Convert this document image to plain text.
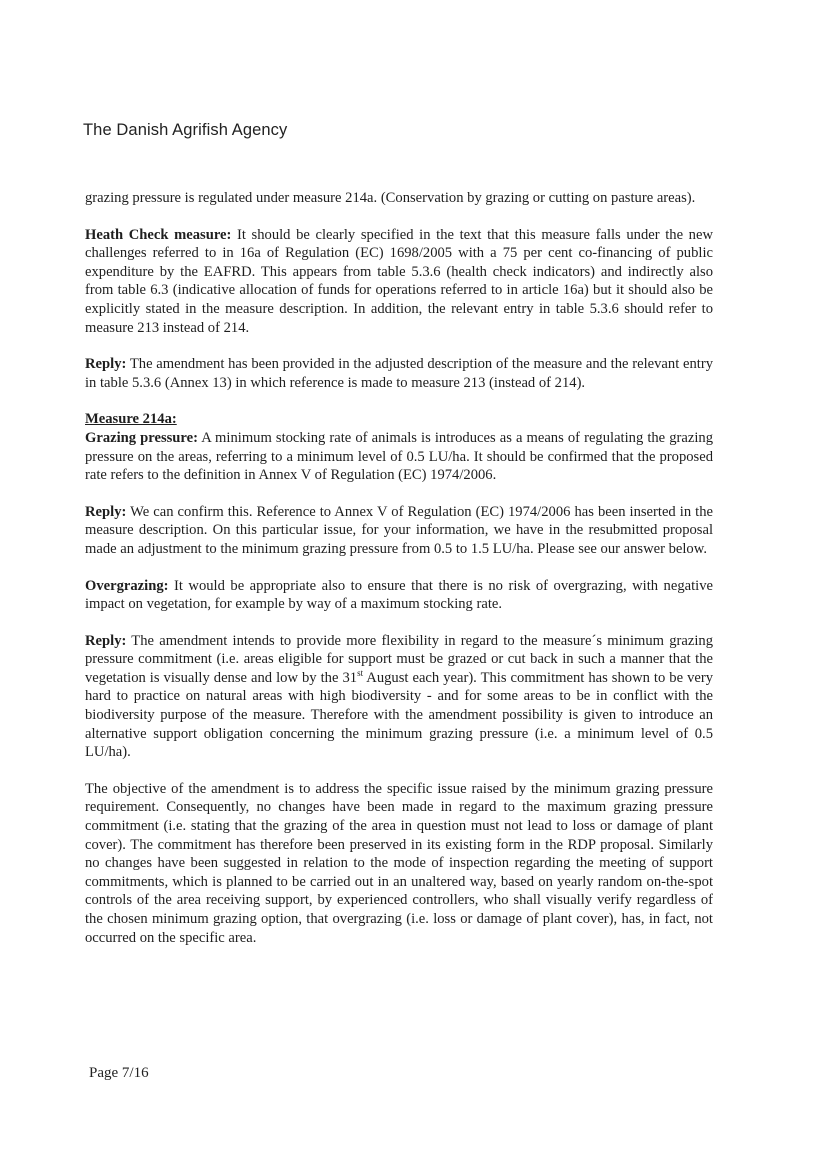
The Danish Agrifish Agency

grazing pressure is regulated under measure 214a. (Conservation by grazing or cutting on pasture areas).

Heath Check measure: It should be clearly specified in the text that this measure falls under the new challenges referred to in 16a of Regulation (EC) 1698/2005 with a 75 per cent co-financing of public expenditure by the EAFRD. This appears from table 5.3.6 (health check indicators) and indirectly also from table 6.3 (indicative allocation of funds for operations referred to in article 16a) but it should also be explicitly stated in the measure description. In addition, the relevant entry in table 5.3.6 should refer to measure 213 instead of 214.

Reply: The amendment has been provided in the adjusted description of the measure and the relevant entry in table 5.3.6 (Annex 13) in which reference is made to measure 213 (instead of 214).

Measure 214a:

Grazing pressure: A minimum stocking rate of animals is introduces as a means of regulating the grazing pressure on the areas, referring to a minimum level of 0.5 LU/ha. It should be confirmed that the proposed rate refers to the definition in Annex V of Regulation (EC) 1974/2006.

Reply: We can confirm this. Reference to Annex V of Regulation (EC) 1974/2006 has been inserted in the measure description. On this particular issue, for your information, we have in the resubmitted proposal made an adjustment to the minimum grazing pressure from 0.5 to 1.5 LU/ha. Please see our answer below.

Overgrazing: It would be appropriate also to ensure that there is no risk of overgrazing, with negative impact on vegetation, for example by way of a maximum stocking rate.

Reply: The amendment intends to provide more flexibility in regard to the measure´s minimum grazing pressure commitment (i.e. areas eligible for support must be grazed or cut back in such a manner that the vegetation is visually dense and low by the 31st August each year). This commitment has shown to be very hard to practice on natural areas with high biodiversity - and for some areas to be in conflict with the biodiversity purpose of the measure. Therefore with the amendment possibility is given to introduce an alternative support obligation concerning the minimum grazing pressure (i.e. a minimum level of 0.5 LU/ha).

The objective of the amendment is to address the specific issue raised by the minimum grazing pressure requirement. Consequently, no changes have been made in regard to the maximum grazing pressure commitment (i.e. stating that the grazing of the area in question must not lead to loss or damage of plant cover). The commitment has therefore been preserved in its existing form in the RDP proposal. Similarly no changes have been suggested in relation to the mode of inspection regarding the meeting of support commitments, which is planned to be carried out in an unaltered way, based on yearly random on-the-spot controls of the area receiving support, by experienced controllers, who shall visually verify regardless of the chosen minimum grazing option, that overgrazing (i.e. loss or damage of plant cover), has, in fact, not occurred on the specific area.

Page 7/16
